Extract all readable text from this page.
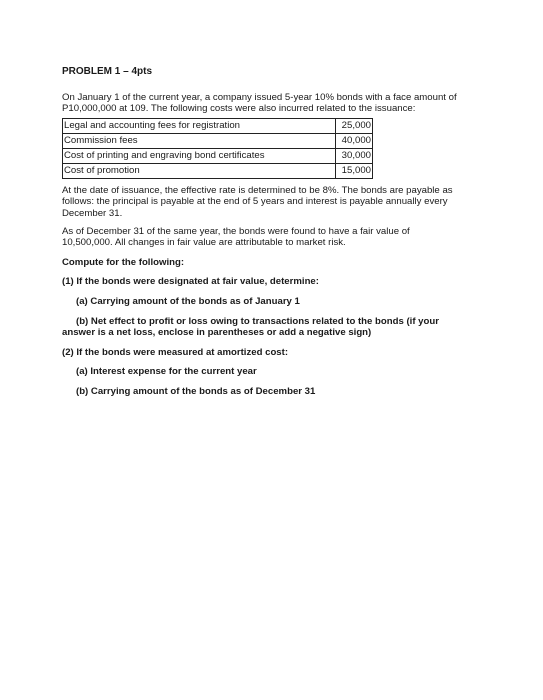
PROBLEM 1 – 4pts

On January 1 of the current year, a company issued 5-year 10% bonds with a face amount of P10,000,000 at 109. The following costs were also incurred related to the issuance:

Legal and accounting fees for registration	25,000
Commission fees	40,000
Cost of printing and engraving bond certificates	30,000
Cost of promotion	15,000

At the date of issuance, the effective rate is determined to be 8%. The bonds are payable as follows: the principal is payable at the end of 5 years and interest is payable annually every December 31.

As of December 31 of the same year, the bonds were found to have a fair value of 10,500,000. All changes in fair value are attributable to market risk.

Compute for the following:
(1) If the bonds were designated at fair value, determine:
(a) Carrying amount of the bonds as of January 1
(b) Net effect to profit or loss owing to transactions related to the bonds (if your answer is a net loss, enclose in parentheses or add a negative sign)
(2) If the bonds were measured at amortized cost:
(a) Interest expense for the current year
(b) Carrying amount of the bonds as of December 31
